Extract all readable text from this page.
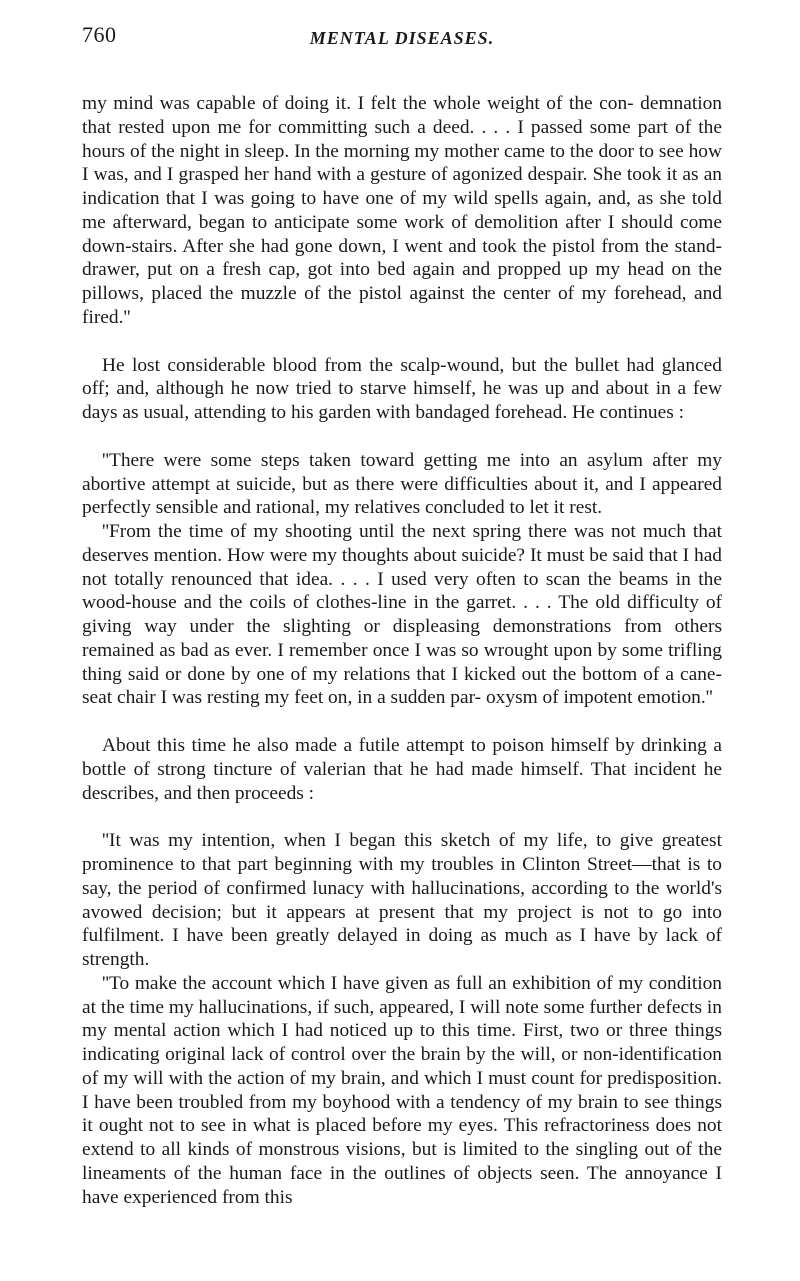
760	MENTAL DISEASES.

my mind was capable of doing it. I felt the whole weight of the con- demnation that rested upon me for committing such a deed. . . . I passed some part of the hours of the night in sleep. In the morning my mother came to the door to see how I was, and I grasped her hand with a gesture of agonized despair. She took it as an indication that I was going to have one of my wild spells again, and, as she told me afterward, began to anticipate some work of demolition after I should come down-stairs. After she had gone down, I went and took the pistol from the stand-drawer, put on a fresh cap, got into bed again and propped up my head on the pillows, placed the muzzle of the pistol against the center of my forehead, and fired.''

He lost considerable blood from the scalp-wound, but the bullet had glanced off; and, although he now tried to starve himself, he was up and about in a few days as usual, attending to his garden with bandaged forehead. He continues :

''There were some steps taken toward getting me into an asylum after my abortive attempt at suicide, but as there were difficulties about it, and I appeared perfectly sensible and rational, my relatives concluded to let it rest.

''From the time of my shooting until the next spring there was not much that deserves mention. How were my thoughts about suicide? It must be said that I had not totally renounced that idea. . . . I used very often to scan the beams in the wood-house and the coils of clothes-line in the garret. . . . The old difficulty of giving way under the slighting or displeasing demonstrations from others remained as bad as ever. I remember once I was so wrought upon by some trifling thing said or done by one of my relations that I kicked out the bottom of a cane-seat chair I was resting my feet on, in a sudden par- oxysm of impotent emotion.''

About this time he also made a futile attempt to poison himself by drinking a bottle of strong tincture of valerian that he had made himself. That incident he describes, and then proceeds :

''It was my intention, when I began this sketch of my life, to give greatest prominence to that part beginning with my troubles in Clinton Street—that is to say, the period of confirmed lunacy with hallucinations, according to the world's avowed decision; but it appears at present that my project is not to go into fulfilment. I have been greatly delayed in doing as much as I have by lack of strength.

''To make the account which I have given as full an exhibition of my condition at the time my hallucinations, if such, appeared, I will note some further defects in my mental action which I had noticed up to this time. First, two or three things indicating original lack of control over the brain by the will, or non-identification of my will with the action of my brain, and which I must count for predisposition. I have been troubled from my boyhood with a tendency of my brain to see things it ought not to see in what is placed before my eyes. This refractoriness does not extend to all kinds of monstrous visions, but is limited to the singling out of the lineaments of the human face in the outlines of objects seen. The annoyance I have experienced from this
